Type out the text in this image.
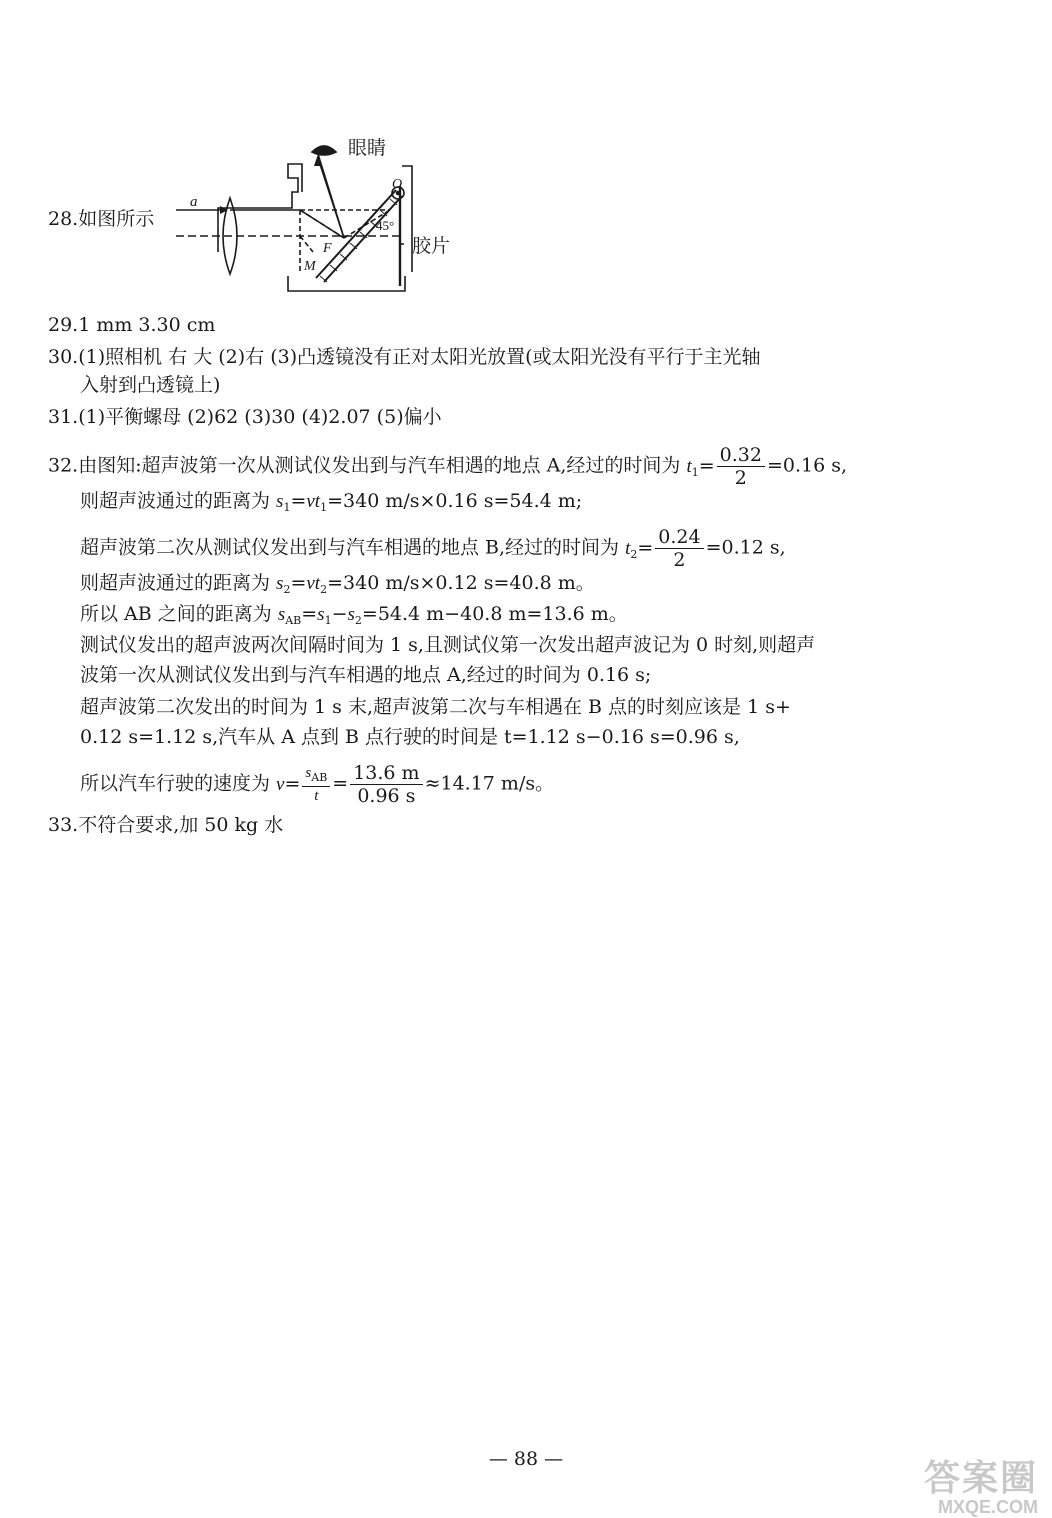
眼睛
a
O
F
M
45°
胶片
28.如图所示
29.1 mm 3.30 cm
30.(1)照相机 右 大 (2)右 (3)凸透镜没有正对太阳光放置(或太阳光没有平行于主光轴
入射到凸透镜上)
31.(1)平衡螺母 (2)62 (3)30 (4)2.07 (5)偏小
32.由图知:超声波第一次从测试仪发出到与汽车相遇的地点 A,经过的时间为 $t_1= \frac{0.32}{2} =0.16$ s,
则超声波通过的距离为 $s_1=vt_1=340$ m/s×0.16 s=54.4 m;
超声波第二次从测试仪发出到与汽车相遇的地点 B,经过的时间为 $t_2= \frac{0.24}{2} =0.12$ s,
则超声波通过的距离为 $s_2=vt_2=340$ m/s×0.12 s=40.8 m。
所以 AB 之间的距离为 $s_{AB}=s_1-s_2=54.4$ m−40.8 m=13.6 m。
测试仪发出的超声波两次间隔时间为 1 s,且测试仪第一次发出超声波记为 0 时刻,则超声
波第一次从测试仪发出到与汽车相遇的地点 A,经过的时间为 0.16 s;
超声波第二次发出的时间为 1 s 末,超声波第二次与车相遇在 B 点的时刻应该是 1 s+
0.12 s=1.12 s,汽车从 A 点到 B 点行驶的时间是 t=1.12 s−0.16 s=0.96 s,
所以汽车行驶的速度为 $v= \frac{s_{AB}}{t} = \frac{13.6 m}{0.96 s} \approx 14.17$ m/s。
33.不符合要求,加 50 kg 水
— 88 —	答案圈
MXQE.COM
